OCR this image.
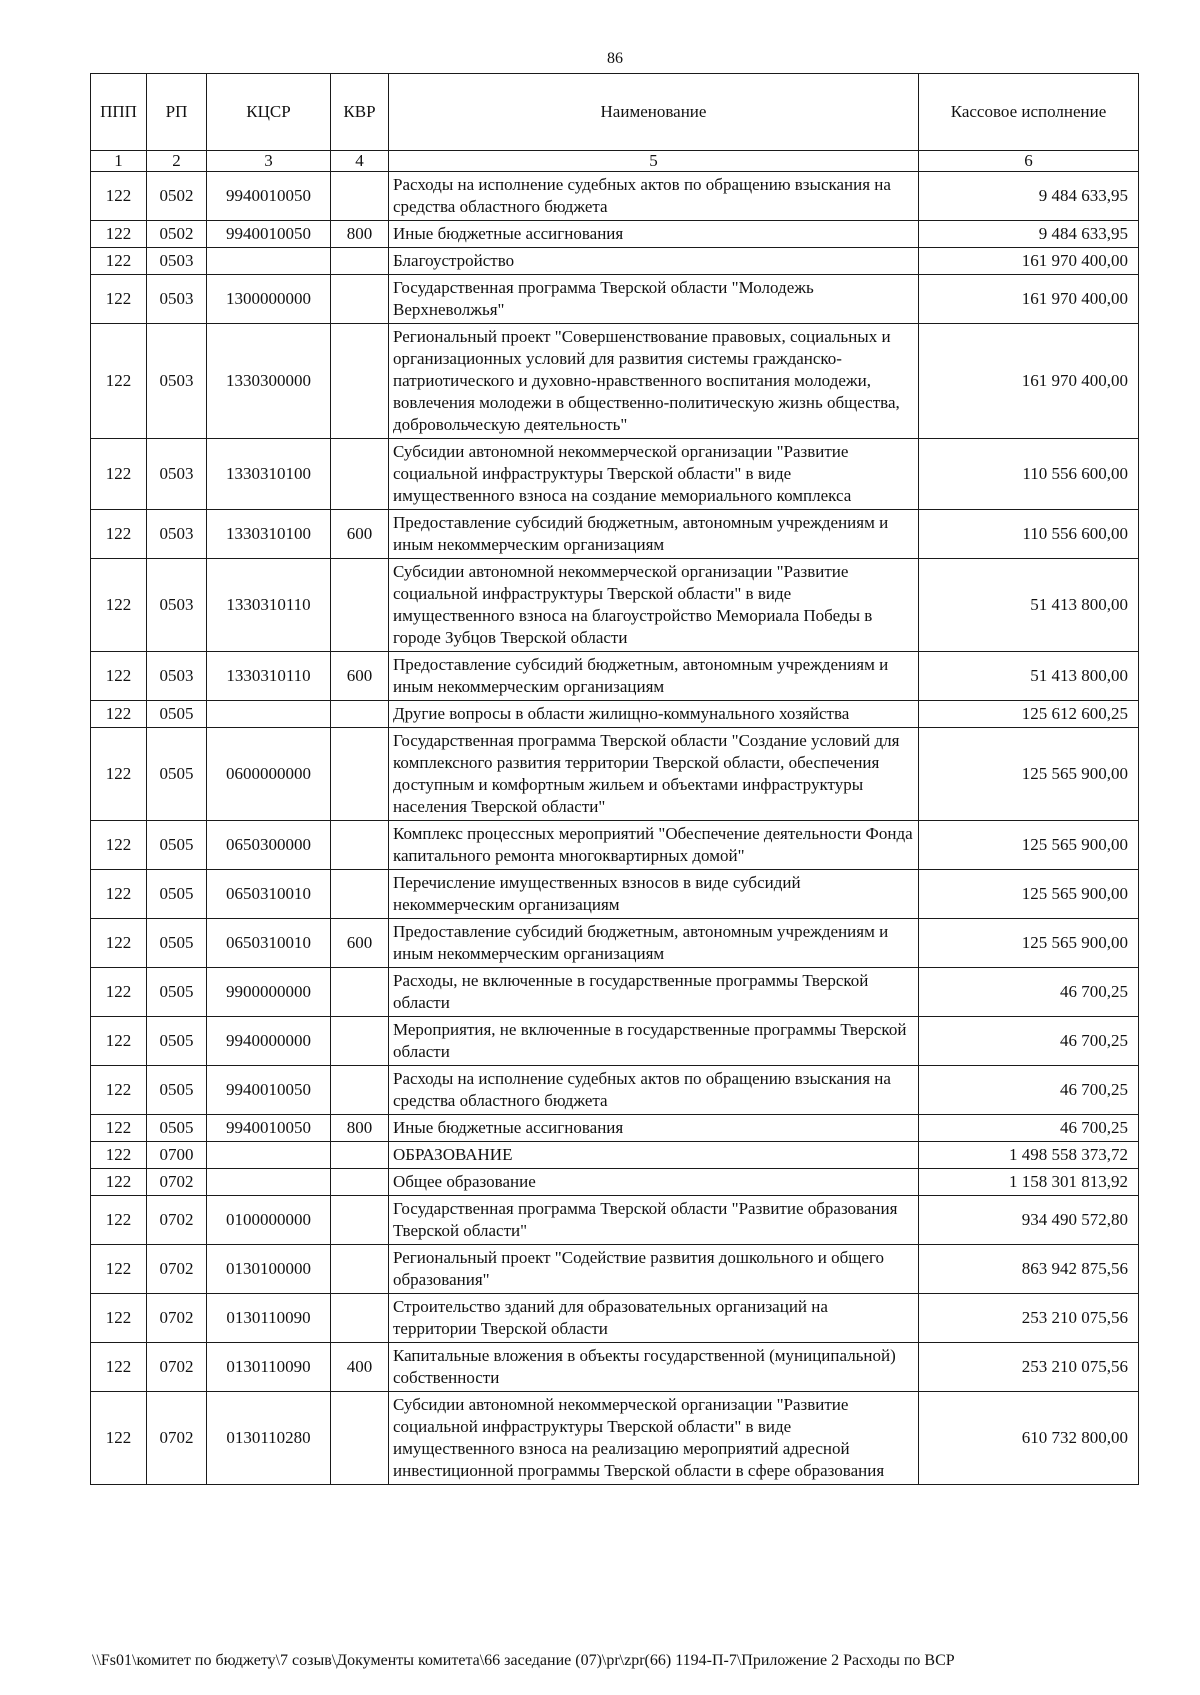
86
ППП	РП	КЦСР	КВР	Наименование	Кассовое исполнение
1	2	3	4	5	6
122	0502	9940010050		Расходы на исполнение судебных актов по обращению взыскания на средства областного бюджета	9 484 633,95
122	0502	9940010050	800	Иные бюджетные ассигнования	9 484 633,95
122	0503			Благоустройство	161 970 400,00
122	0503	1300000000		Государственная программа Тверской области "Молодежь Верхневолжья"	161 970 400,00
122	0503	1330300000		Региональный проект "Совершенствование правовых, социальных и организационных условий для развития системы гражданско-патриотического и духовно-нравственного воспитания молодежи, вовлечения молодежи в общественно-политическую жизнь общества, добровольческую деятельность"	161 970 400,00
122	0503	1330310100		Субсидии автономной некоммерческой организации "Развитие социальной инфраструктуры Тверской области" в виде имущественного взноса на создание мемориального комплекса	110 556 600,00
122	0503	1330310100	600	Предоставление субсидий бюджетным, автономным учреждениям и иным некоммерческим организациям	110 556 600,00
122	0503	1330310110		Субсидии автономной некоммерческой организации "Развитие социальной инфраструктуры Тверской области" в виде имущественного взноса на благоустройство Мемориала Победы в городе Зубцов Тверской области	51 413 800,00
122	0503	1330310110	600	Предоставление субсидий бюджетным, автономным учреждениям и иным некоммерческим организациям	51 413 800,00
122	0505			Другие вопросы в области жилищно-коммунального хозяйства	125 612 600,25
122	0505	0600000000		Государственная программа Тверской области "Создание условий для комплексного развития территории Тверской области, обеспечения доступным и комфортным жильем и объектами инфраструктуры населения Тверской области"	125 565 900,00
122	0505	0650300000		Комплекс процессных мероприятий "Обеспечение деятельности Фонда капитального ремонта многоквартирных домой"	125 565 900,00
122	0505	0650310010		Перечисление имущественных взносов в виде субсидий некоммерческим организациям	125 565 900,00
122	0505	0650310010	600	Предоставление субсидий бюджетным, автономным учреждениям и иным некоммерческим организациям	125 565 900,00
122	0505	9900000000		Расходы, не включенные в государственные программы Тверской области	46 700,25
122	0505	9940000000		Мероприятия, не включенные в государственные программы Тверской области	46 700,25
122	0505	9940010050		Расходы на исполнение судебных актов по обращению взыскания на средства областного бюджета	46 700,25
122	0505	9940010050	800	Иные бюджетные ассигнования	46 700,25
122	0700			ОБРАЗОВАНИЕ	1 498 558 373,72
122	0702			Общее образование	1 158 301 813,92
122	0702	0100000000		Государственная программа Тверской области "Развитие образования Тверской области"	934 490 572,80
122	0702	0130100000		Региональный проект "Содействие развития дошкольного и общего образования"	863 942 875,56
122	0702	0130110090		Строительство зданий для образовательных организаций на территории Тверской области	253 210 075,56
122	0702	0130110090	400	Капитальные вложения в объекты государственной (муниципальной) собственности	253 210 075,56
122	0702	0130110280		Субсидии автономной некоммерческой организации "Развитие социальной инфраструктуры Тверской области" в виде имущественного взноса на реализацию мероприятий адресной инвестиционной программы Тверской области в сфере образования	610 732 800,00
\\Fs01\комитет по бюджету\7 созыв\Документы комитета\66 заседание (07)\pr\zpr(66) 1194-П-7\Приложение 2 Расходы по ВСР
